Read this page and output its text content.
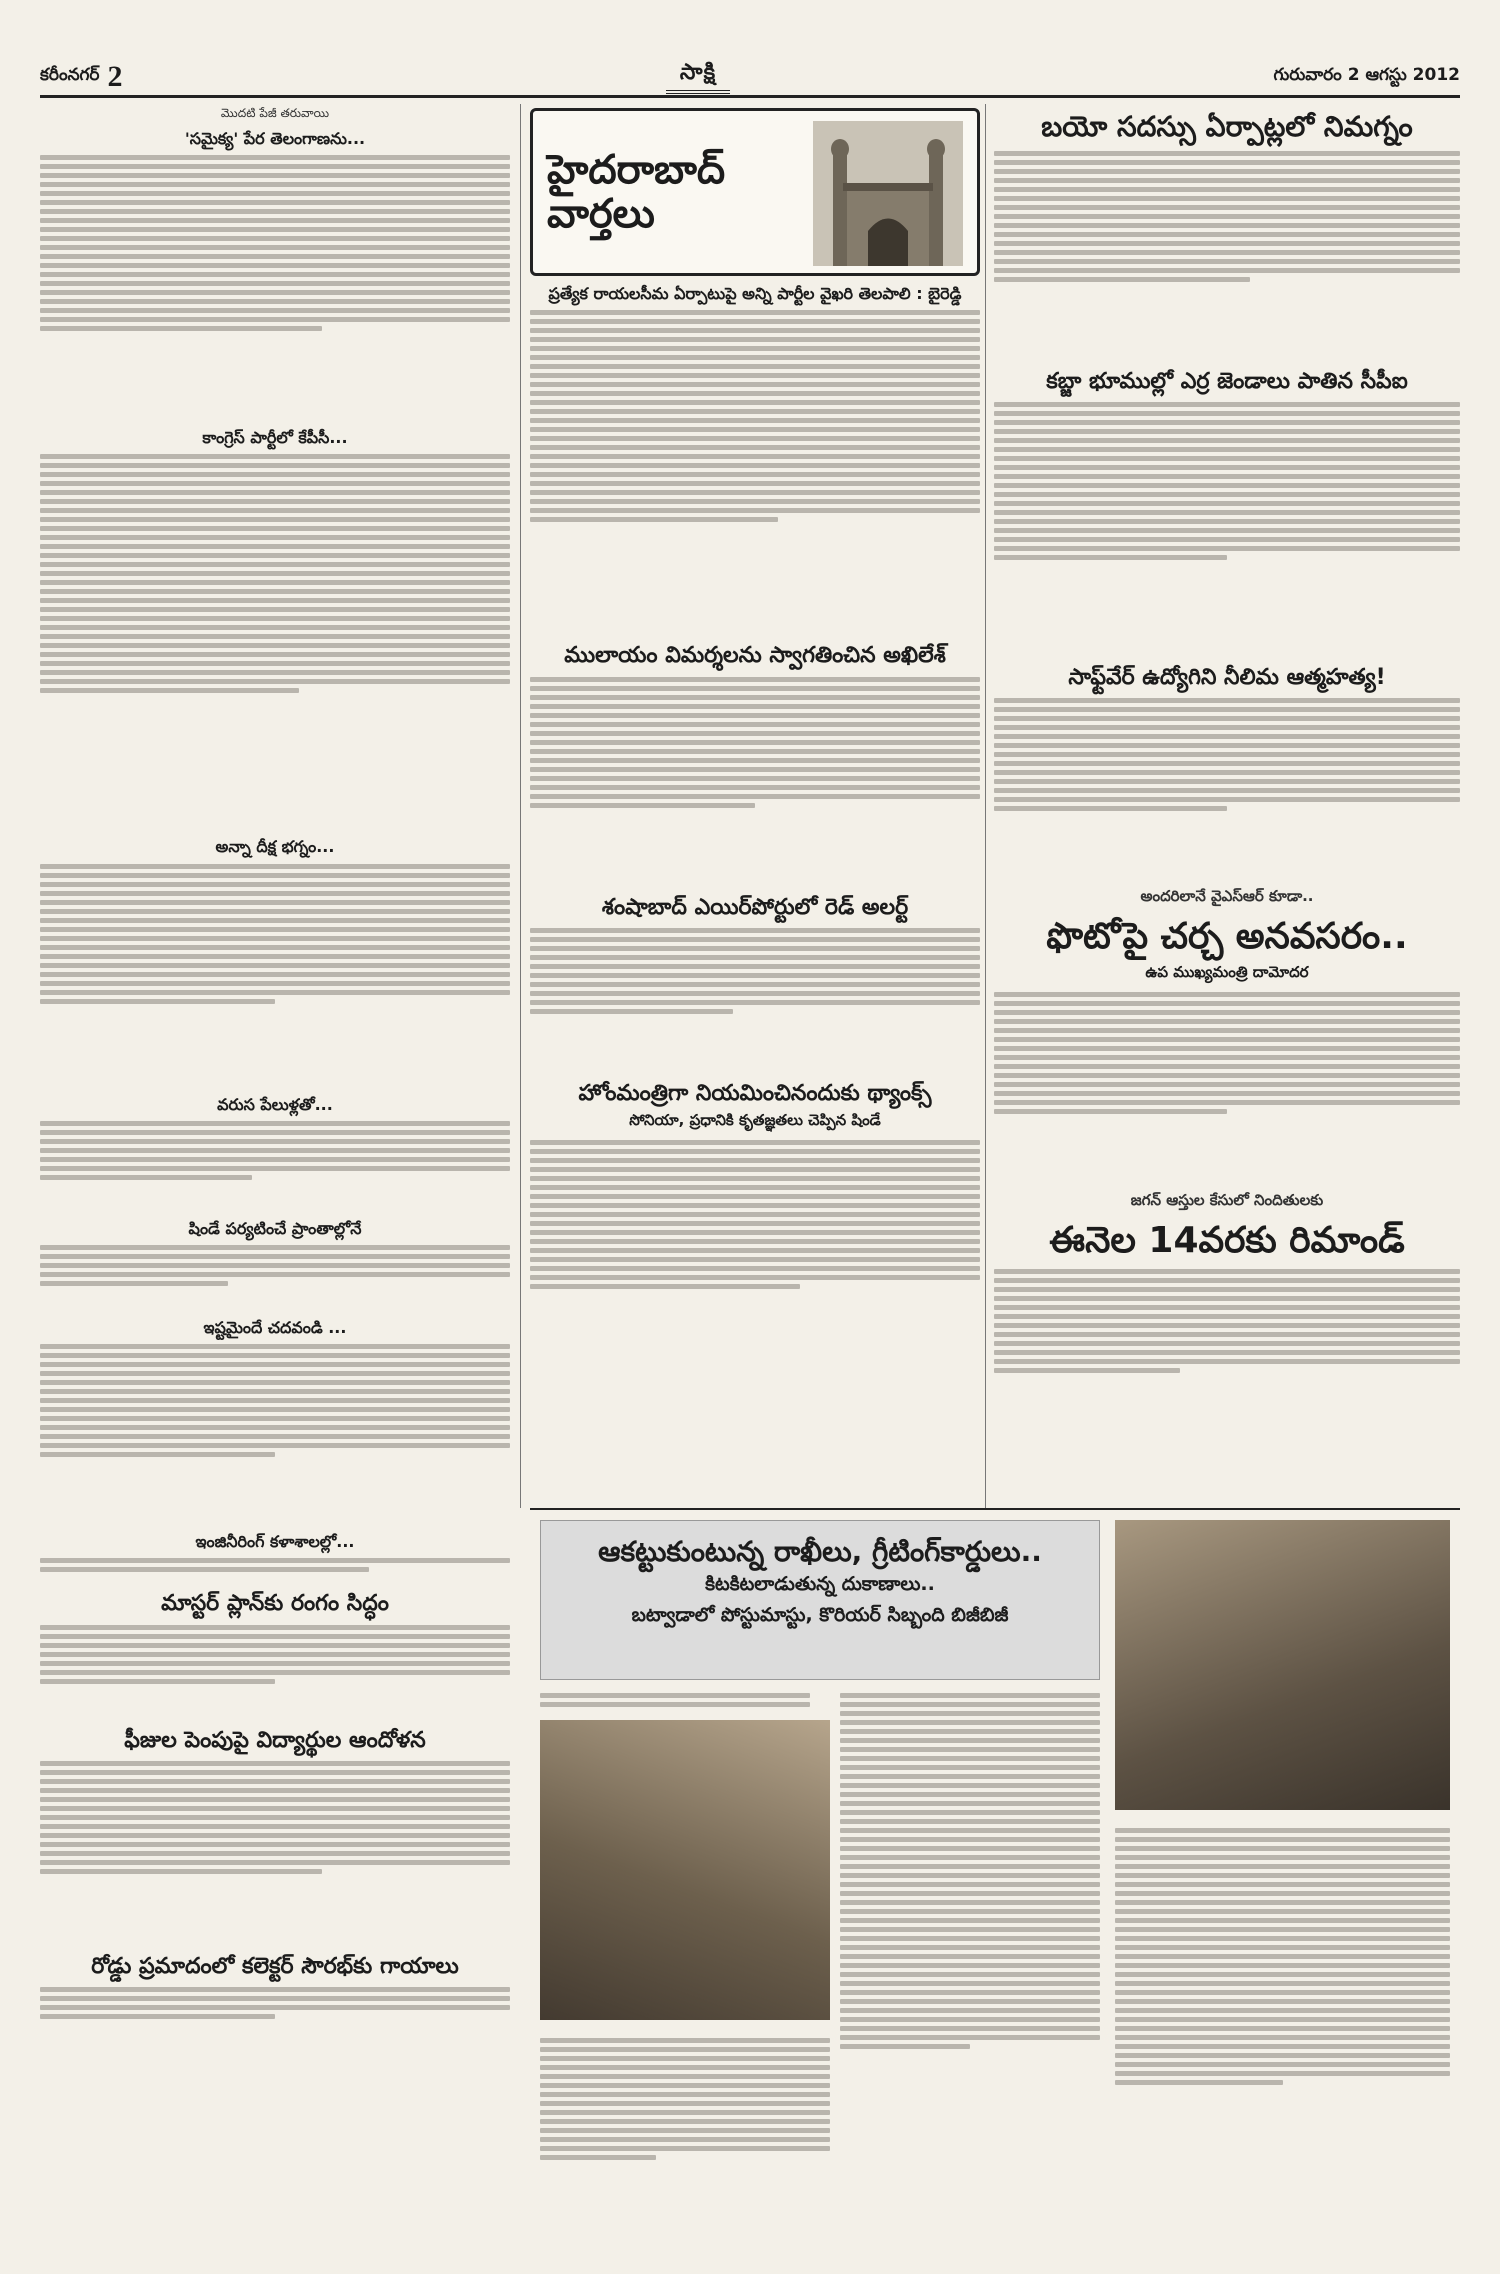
కరీంనగర్ 2	సాక్షి	గురువారం 2 ఆగస్టు 2012
మొదటి పేజీ తరువాయి
'సమైక్య' పేర తెలంగాణను...
కాంగ్రెస్ పార్టీలో కేపీసీ...
అన్నా దీక్ష భగ్నం...
వరుస పేలుళ్లతో...
షిండే పర్యటించే ప్రాంతాల్లోనే
ఇష్టమైందే చదవండి ...
ఇంజినీరింగ్ కళాశాలల్లో...
మాస్టర్ ప్లాన్‌కు రంగం సిద్ధం
ఫీజుల పెంపుపై విద్యార్థుల ఆందోళన
రోడ్డు ప్రమాదంలో కలెక్టర్ సౌరభ్‌కు గాయాలు
హైదరాబాద్ వార్తలు
ప్రత్యేక రాయలసీమ ఏర్పాటుపై అన్ని పార్టీల వైఖరి తెలపాలి : బైరెడ్డి
ములాయం విమర్శలను స్వాగతించిన అఖిలేశ్
శంషాబాద్ ఎయిర్‌పోర్టులో రెడ్ అలర్ట్
హోంమంత్రిగా నియమించినందుకు థ్యాంక్స్
సోనియా, ప్రధానికి కృతజ్ఞతలు చెప్పిన షిండే
బయో సదస్సు ఏర్పాట్లలో నిమగ్నం
కబ్జా భూముల్లో ఎర్ర జెండాలు పాతిన సీపీఐ
సాఫ్ట్‌వేర్ ఉద్యోగిని నీలిమ ఆత్మహత్య!
అందరిలానే వైఎస్‌ఆర్ కూడా..
ఫొటోపై చర్చ అనవసరం..
ఉప ముఖ్యమంత్రి దామోదర
జగన్ ఆస్తుల కేసులో నిందితులకు
ఈనెల 14వరకు రిమాండ్
ఆకట్టుకుంటున్న రాఖీలు, గ్రీటింగ్‌కార్డులు..
కిటకిటలాడుతున్న దుకాణాలు..
బట్వాడాలో పోస్టుమాస్టు, కొరియర్ సిబ్బంది బిజీబిజీ
